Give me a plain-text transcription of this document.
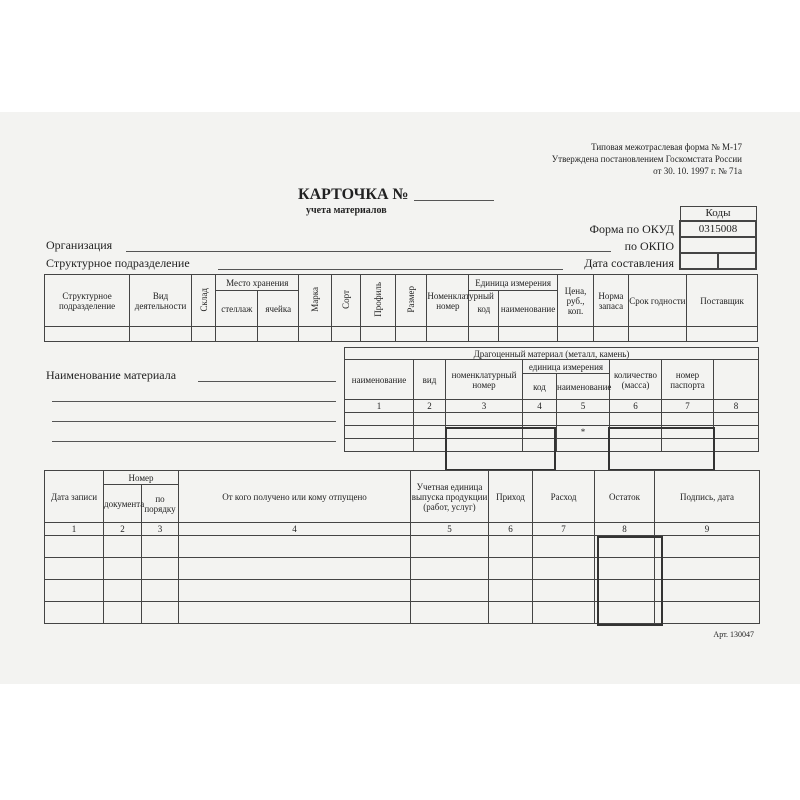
Типовая межотраслевая форма № М-17
Утверждена постановлением Госкомстата России
от 30. 10. 1997 г. № 71а
КАРТОЧКА №
учета материалов	Коды
0315008

Организация
Структурное подразделение
Форма по ОКУД
по ОКПО
Дата составления
Структурное подразделение	Вид деятельности	Склад	Место хранения		Марка	Сорт	Профиль	Размер	Номенклатурный номер	Единица измерения		Цена, руб., коп.	Норма запаса	Срок годности	Поставщик
			стеллаж	ячейка						код	наименование				

Наименование материала
Драгоценный материал (металл, камень)							
наименование	вид	номенклатурный номер	единица измерения		количество (масса)	номер паспорта	
			код	наименование			
1	2	3	4	5	6	7	8

				*			

Дата записи	Номер		От кого получено или кому отпущено	Учетная единица выпуска продукции (работ, услуг)	Приход	Расход	Остаток	Подпись, дата
	документа	по порядку						
1	2	3	4	5	6	7	8	9

Арт. 130047
